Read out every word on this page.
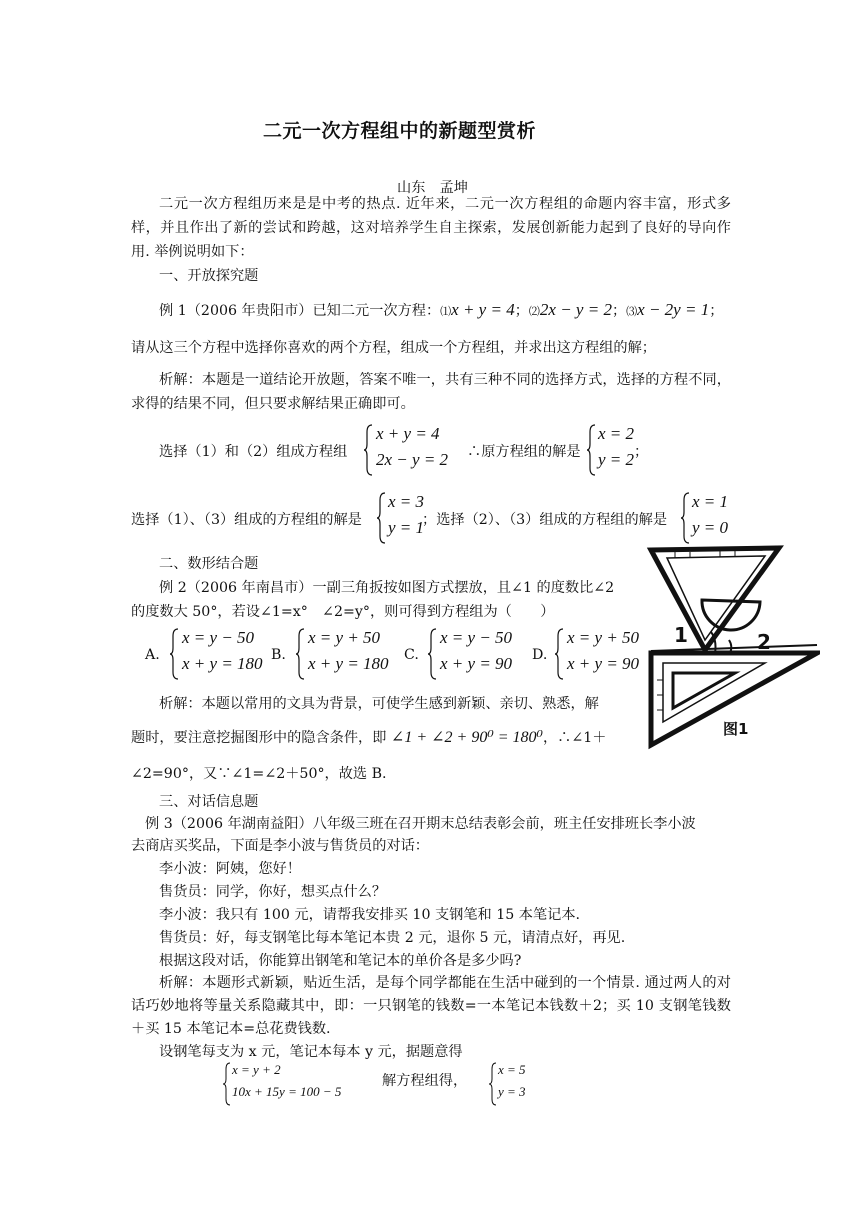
二元一次方程组中的新题型赏析
山东　孟坤
二元一次方程组历来是是中考的热点. 近年来，二元一次方程组的命题内容丰富，形式多样，并且作出了新的尝试和跨越，这对培养学生自主探索，发展创新能力起到了良好的导向作用. 举例说明如下：
一、开放探究题
例 1（2006 年贵阳市）已知二元一次方程：⑴x + y = 4；⑵2x − y = 2；⑶x − 2y = 1；
请从这三个方程中选择你喜欢的两个方程，组成一个方程组，并求出这方程组的解；
析解：本题是一道结论开放题，答案不唯一，共有三种不同的选择方式，选择的方程不同，求得的结果不同，但只要求解结果正确即可。
选择（1）和（2）组成方程组
x + y = 4
2x − y = 2 ∴原方程组的解是
x = 2
y = 2 ；
选择（1）、（3）组成的方程组的解是
x = 3
y = 1
；选择（2）、（3）组成的方程组的解是
x = 1
y = 0
二、数形结合题
例 2（2006 年南昌市）一副三角扳按如图方式摆放，且∠1 的度数比∠2
的度数大 50°，若设∠1=x°　∠2=y°，则可得到方程组为（　　）
A.
x = y − 50
x + y = 180 B.
x = y + 50
x + y = 180 C.
x = y − 50
x + y = 90 D.
x = y + 50
x + y = 90
1	2
图1
析解：本题以常用的文具为背景，可使学生感到新颖、亲切、熟悉，解
题时，要注意挖掘图形中的隐含条件，即 ∠1 + ∠2 + 90⁰ = 180⁰，∴∠1＋
∠2=90°，又∵∠1=∠2＋50°，故选 B.
三、对话信息题
例 3（2006 年湖南益阳）八年级三班在召开期末总结表彰会前，班主任安排班长李小波
去商店买奖品，下面是李小波与售货员的对话：
李小波：阿姨，您好！
售货员：同学，你好，想买点什么？
李小波：我只有 100 元，请帮我安排买 10 支钢笔和 15 本笔记本.
售货员：好，每支钢笔比每本笔记本贵 2 元，退你 5 元，请清点好，再见.
根据这段对话，你能算出钢笔和笔记本的单价各是多少吗?
析解：本题形式新颖，贴近生活，是每个同学都能在生活中碰到的一个情景. 通过两人的对话巧妙地将等量关系隐藏其中，即：一只钢笔的钱数=一本笔记本钱数＋2；买 10 支钢笔钱数＋买 15 本笔记本=总花费钱数.
设钢笔每支为 x 元，笔记本每本 y 元，据题意得
x = y + 2
10x + 15y = 100 − 5
解方程组得，
x = 5
y = 3
